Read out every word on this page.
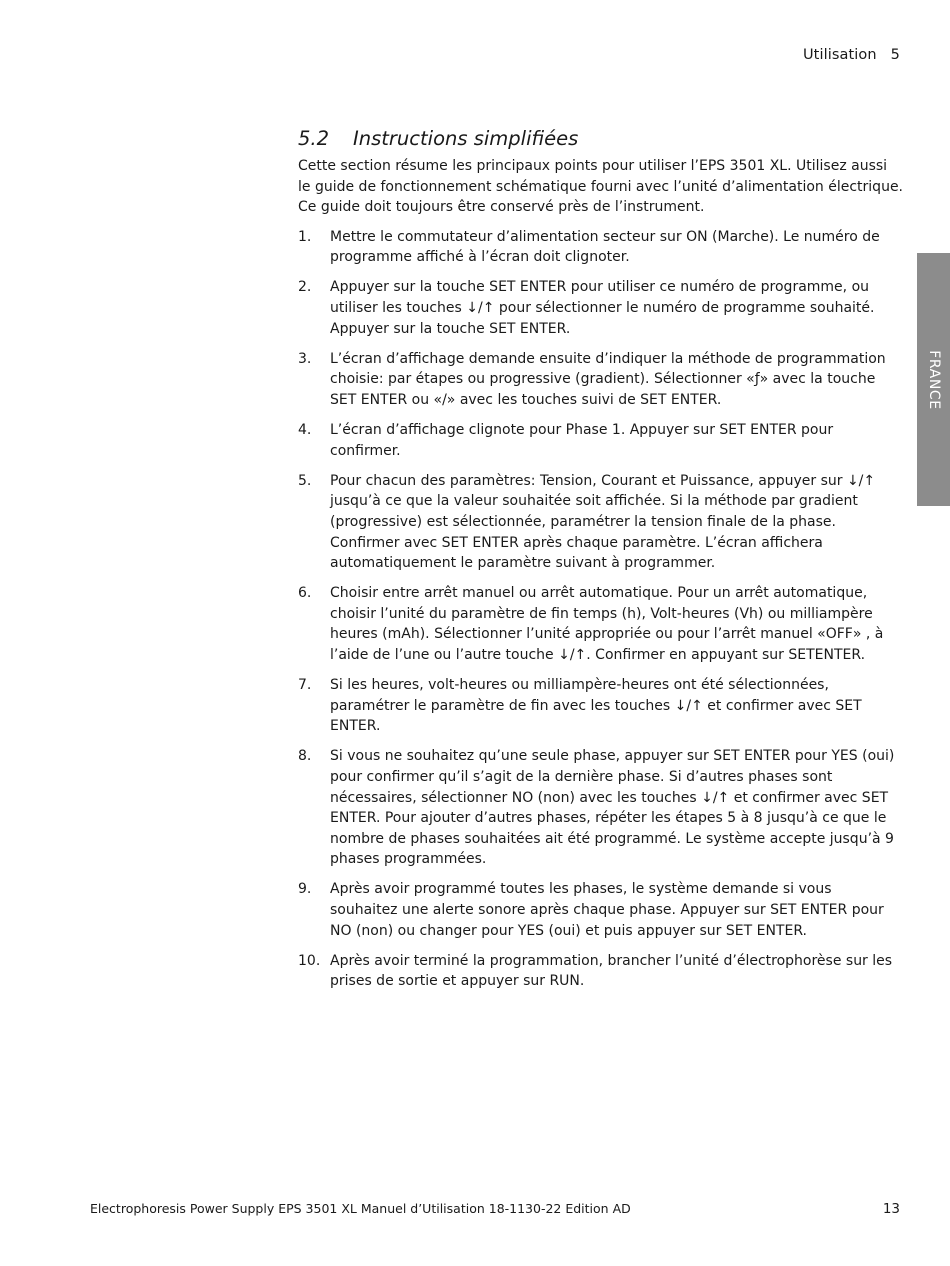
Utilisation 5
FRANCE
5.2 Instructions simplifiées

Cette section résume les principaux points pour utiliser l’EPS 3501 XL. Utilisez aussi le guide de fonctionnement schématique fourni avec l’unité d’alimentation électrique. Ce guide doit toujours être conservé près de l’instrument.

1. Mettre le commutateur d’alimentation secteur sur ON (Marche). Le numéro de programme affiché à l’écran doit clignoter.
2. Appuyer sur la touche SET ENTER pour utiliser ce numéro de programme, ou utiliser les touches ↓/↑ pour sélectionner le numéro de programme souhaité. Appuyer sur la touche SET ENTER.
3. L’écran d’affichage demande ensuite d’indiquer la méthode de programmation choisie: par étapes ou progressive (gradient). Sélectionner «ƒ» avec la touche SET ENTER ou «/» avec les touches suivi de SET ENTER.
4. L’écran d’affichage clignote pour Phase 1. Appuyer sur SET ENTER pour confirmer.
5. Pour chacun des paramètres: Tension, Courant et Puissance, appuyer sur ↓/↑ jusqu’à ce que la valeur souhaitée soit affichée. Si la méthode par gradient (progressive) est sélectionnée, paramétrer la tension finale de la phase. Confirmer avec SET ENTER après chaque paramètre. L’écran affichera automatiquement le paramètre suivant à programmer.
6. Choisir entre arrêt manuel ou arrêt automatique. Pour un arrêt automatique, choisir l’unité du paramètre de fin temps (h), Volt-heures (Vh) ou milliampère heures (mAh). Sélectionner l’unité appropriée ou pour l’arrêt manuel «OFF» , à l’aide de l’une ou l’autre touche ↓/↑. Confirmer en appuyant sur SETENTER.
7. Si les heures, volt-heures ou milliampère-heures ont été sélectionnées, paramétrer le paramètre de fin avec les touches ↓/↑ et confirmer avec SET ENTER.
8. Si vous ne souhaitez qu’une seule phase, appuyer sur SET ENTER pour YES (oui) pour confirmer qu’il s’agit de la dernière phase. Si d’autres phases sont nécessaires, sélectionner NO (non) avec les touches ↓/↑ et confirmer avec SET ENTER. Pour ajouter d’autres phases, répéter les étapes 5 à 8 jusqu’à ce que le nombre de phases souhaitées ait été programmé. Le système accepte jusqu’à 9 phases programmées.
9. Après avoir programmé toutes les phases, le système demande si vous souhaitez une alerte sonore après chaque phase. Appuyer sur SET ENTER pour NO (non) ou changer pour YES (oui) et puis appuyer sur SET ENTER.
10. Après avoir terminé la programmation, brancher l’unité d’électrophorèse sur les prises de sortie et appuyer sur RUN.
Electrophoresis Power Supply EPS 3501 XL Manuel d’Utilisation 18-1130-22 Edition AD	13
